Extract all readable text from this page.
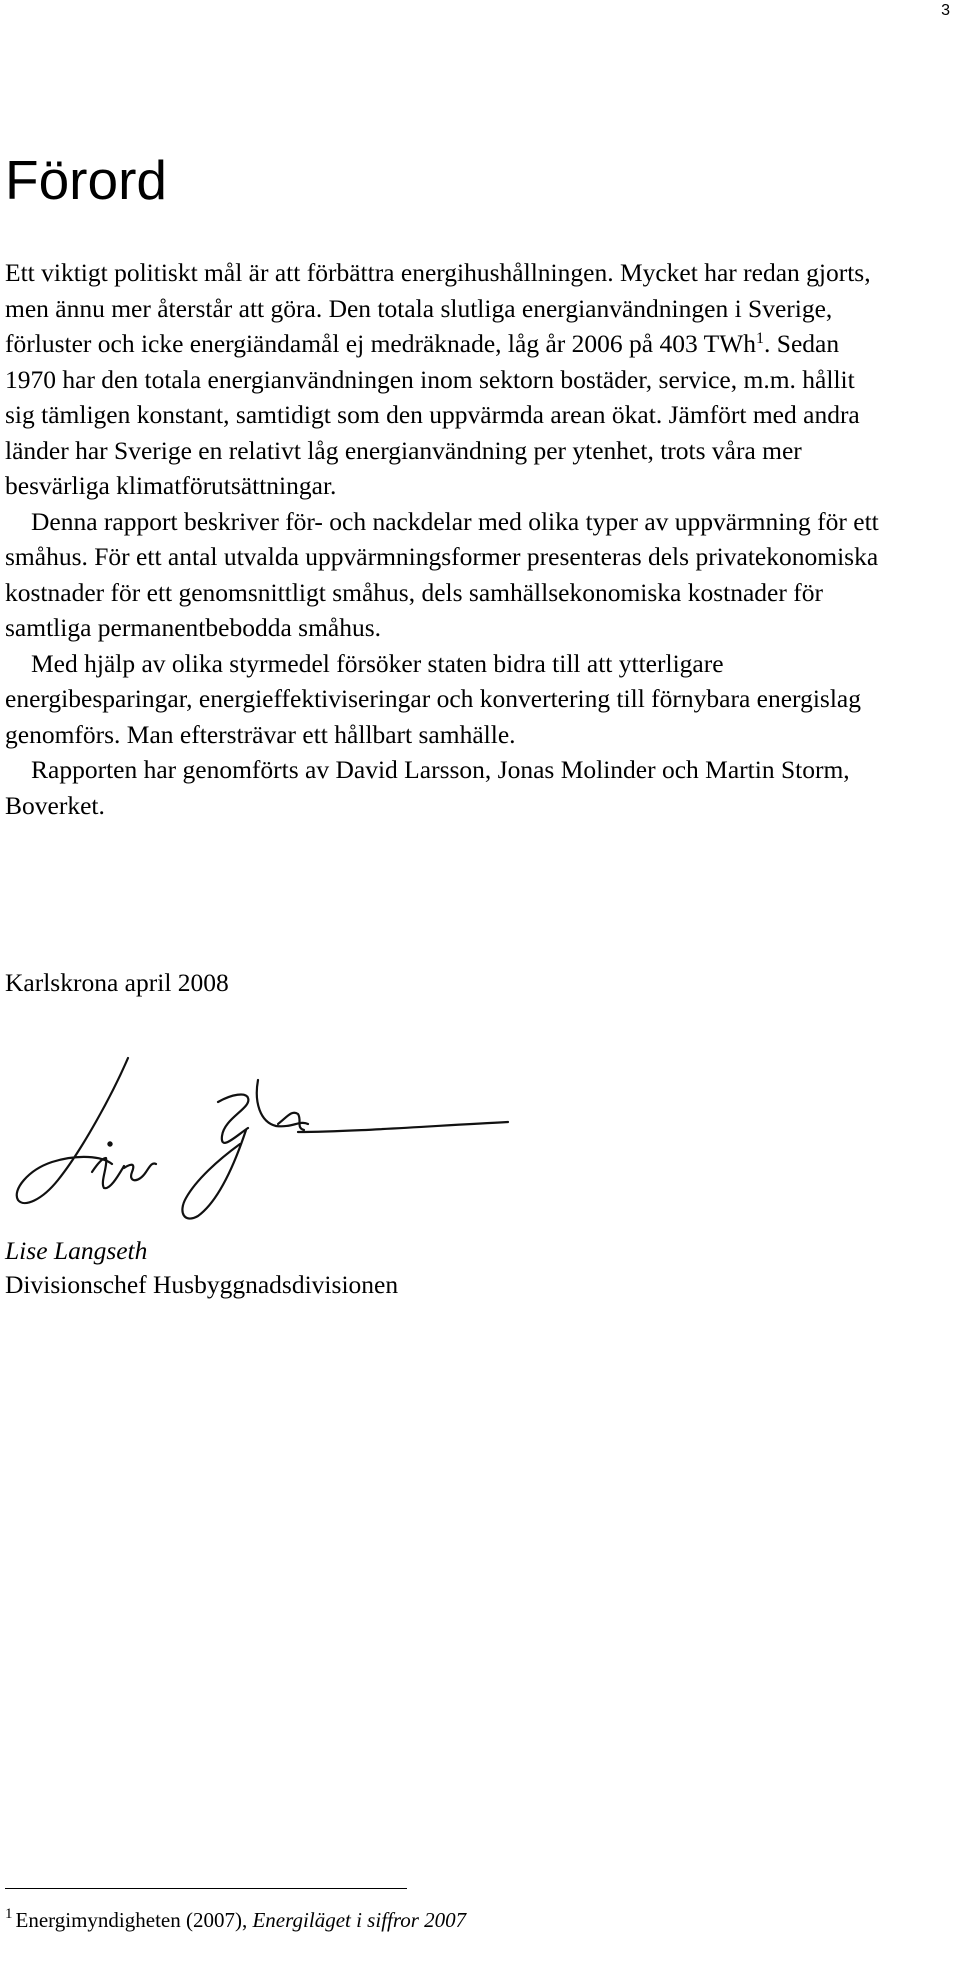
3
Förord

Ett viktigt politiskt mål är att förbättra energihushållningen. Mycket har redan gjorts, men ännu mer återstår att göra. Den totala slutliga energianvändningen i Sverige, förluster och icke energiändamål ej medräknade, låg år 2006 på 403 TWh$^1$. Sedan 1970 har den totala energianvändningen inom sektorn bostäder, service, m.m. hållit sig tämligen konstant, samtidigt som den uppvärmda arean ökat. Jämfört med andra länder har Sverige en relativt låg energianvändning per ytenhet, trots våra mer besvärliga klimatförutsättningar.

Denna rapport beskriver för- och nackdelar med olika typer av uppvärmning för ett småhus. För ett antal utvalda uppvärmningsformer presenteras dels privatekonomiska kostnader för ett genomsnittligt småhus, dels samhällsekonomiska kostnader för samtliga permanentbebodda småhus.

Med hjälp av olika styrmedel försöker staten bidra till att ytterligare energibesparingar, energieffektiviseringar och konvertering till förnybara energislag genomförs. Man eftersträvar ett hållbart samhälle.

Rapporten har genomförts av David Larsson, Jonas Molinder och Martin Storm, Boverket.

Karlskrona april 2008
Lise Langseth
Divisionschef Husbyggnadsdivisionen
$^1$ Energimyndigheten (2007), Energiläget i siffror 2007
